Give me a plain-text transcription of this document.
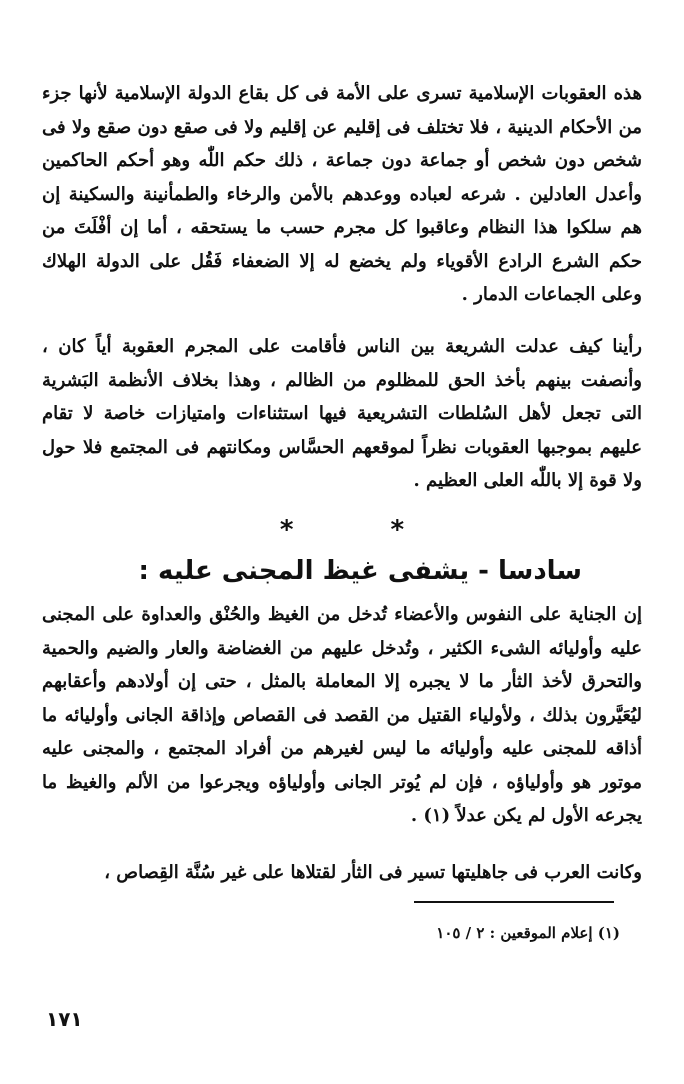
هذه العقوبات الإسلامية تسرى على الأمة فى كل بقاع الدولة الإسلامية لأنها جزء من الأحكام الدينية ، فلا تختلف فى إقليم عن إقليم ولا فى صقع دون صقع ولا فى شخص دون شخص أو جماعة دون جماعة ، ذلك حكم اللّٰه وهو أحكم الحاكمين وأعدل العادلين . شرعه لعباده ووعدهم بالأمن والرخاء والطمأنينة والسكينة إن هم سلكوا هذا النظام وعاقبوا كل مجرم حسب ما يستحقه ، أما إن أفْلَتَ من حكم الشرع الرادع الأقوياء ولم يخضع له إلا الضعفاء فَقُل على الدولة الهلاك وعلى الجماعات الدمار .

رأينا كيف عدلت الشريعة بين الناس فأقامت على المجرم العقوبة أياً كان ، وأنصفت بينهم بأخذ الحق للمظلوم من الظالم ، وهذا بخلاف الأنظمة البَشرية التى تجعل لأهل السُلطات التشريعية فيها استثناءات وامتيازات خاصة لا تقام عليهم بموجبها العقوبات نظراً لموقعهم الحسَّاس ومكانتهم فى المجتمع فلا حول ولا قوة إلا باللّٰه العلى العظيم .

* *
سادسا - يشفى غيظ المجنى عليه :

إن الجناية على النفوس والأعضاء تُدخل من الغيظ والحُنْق والعداوة على المجنى عليه وأوليائه الشىء الكثير ، وتُدخل عليهم من الغضاضة والعار والضيم والحمية والتحرق لأخذ الثأر ما لا يجبره إلا المعاملة بالمثل ، حتى إن أولادهم وأعقابهم ليُعَيَّرون بذلك ، ولأولياء القتيل من القصد فى القصاص وإذاقة الجانى وأوليائه ما أذاقه للمجنى عليه وأوليائه ما ليس لغيرهم من أفراد المجتمع ، والمجنى عليه موتور هو وأولياؤه ، فإن لم يُوتر الجانى وأولياؤه ويجرعوا من الألم والغيظ ما يجرعه الأول لم يكن عدلاً (١) .

وكانت العرب فى جاهليتها تسير فى الثأر لقتلاها على غير سُنَّة القِصاص ،

(١) إعلام الموقعين : ٢ / ١٠٥
١٧١
